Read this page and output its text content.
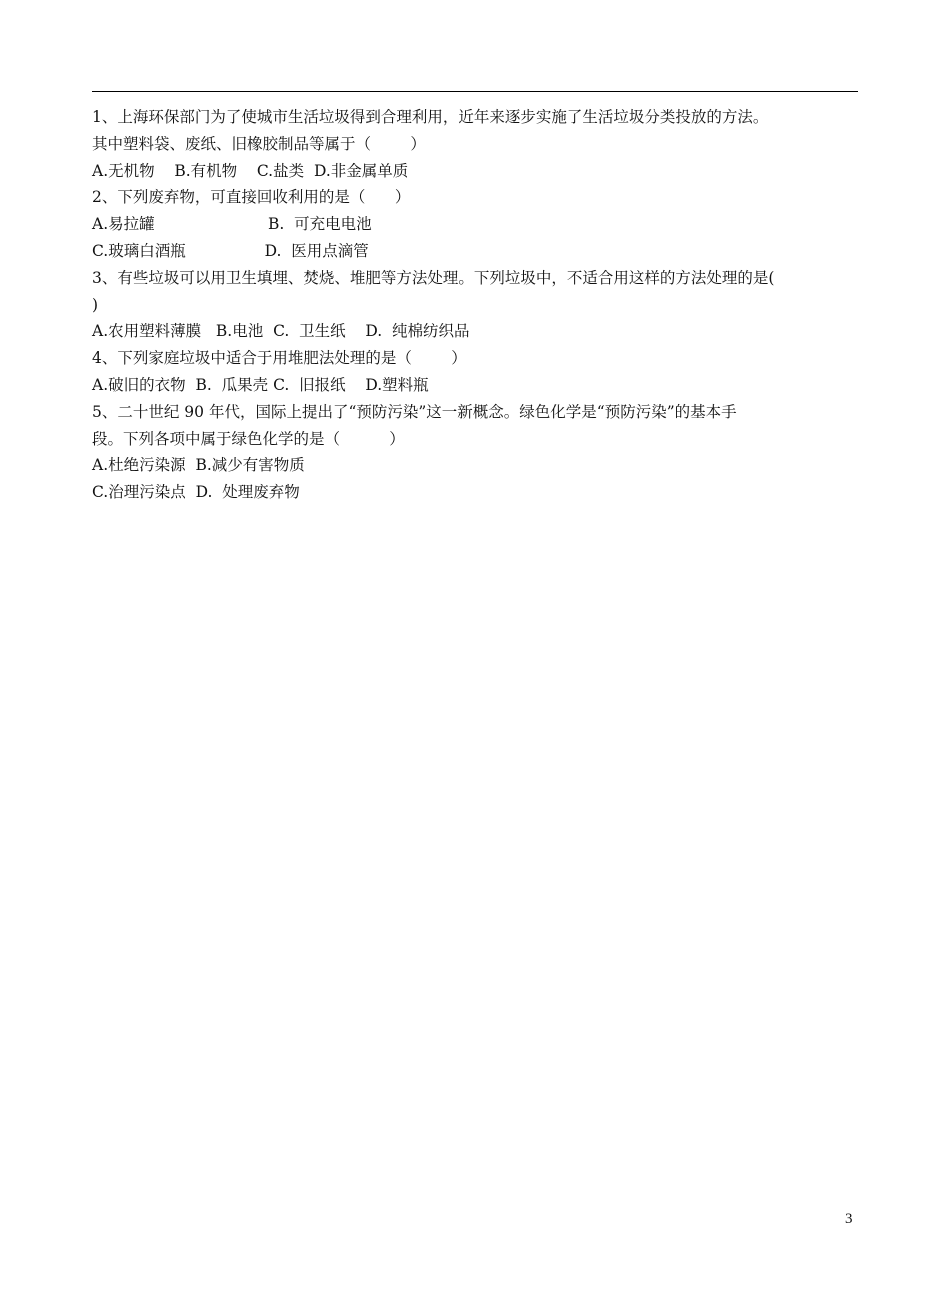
1、上海环保部门为了使城市生活垃圾得到合理利用，近年来逐步实施了生活垃圾分类投放的方法。
其中塑料袋、废纸、旧橡胶制品等属于（        ）
A.无机物    B.有机物    C.盐类  D.非金属单质
2、下列废弃物，可直接回收利用的是（      ）
A.易拉罐                       B.  可充电电池
C.玻璃白酒瓶                D.  医用点滴管
3、有些垃圾可以用卫生填埋、焚烧、堆肥等方法处理。下列垃圾中，不适合用这样的方法处理的是(
)
A.农用塑料薄膜   B.电池  C.  卫生纸    D.  纯棉纺织品
4、下列家庭垃圾中适合于用堆肥法处理的是（        ）
A.破旧的衣物  B.  瓜果壳 C.  旧报纸    D.塑料瓶
5、二十世纪 90 年代，国际上提出了“预防污染”这一新概念。绿色化学是“预防污染”的基本手
段。下列各项中属于绿色化学的是（          ）
A.杜绝污染源  B.减少有害物质
C.治理污染点  D.  处理废弃物
3
